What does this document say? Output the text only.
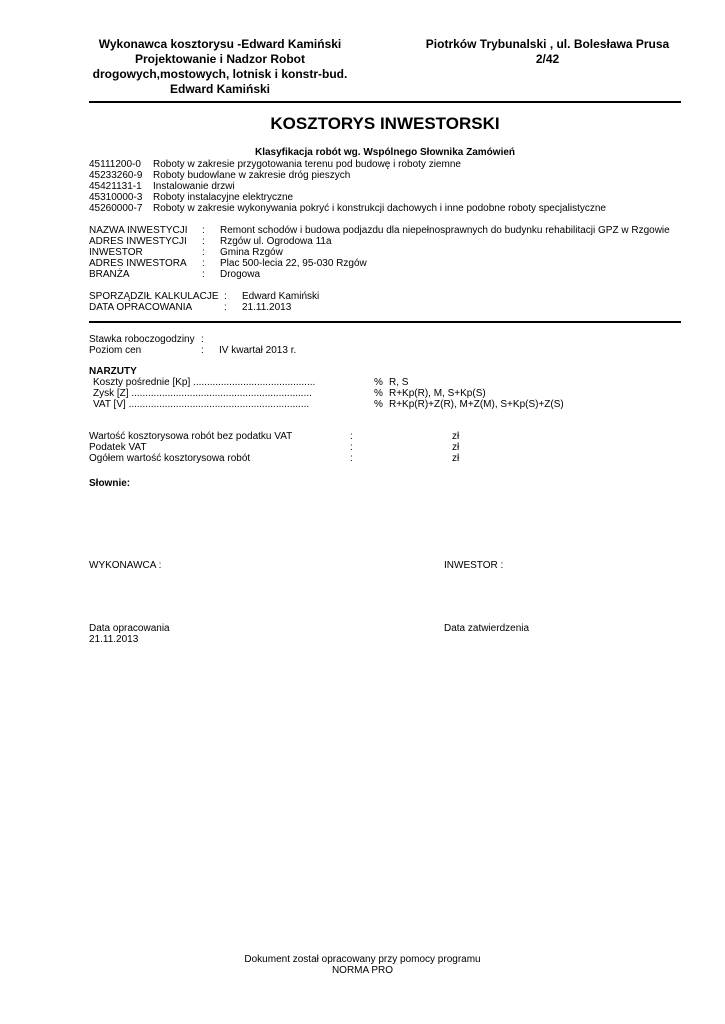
Wykonawca kosztorysu -Edward Kamiński
Projektowanie i Nadzor Robot
drogowych,mostowych, lotnisk i konstr-bud.
Edward Kamiński
Piotrków Trybunalski , ul. Bolesława Prusa
2/42
KOSZTORYS INWESTORSKI
Klasyfikacja robót wg. Wspólnego Słownika Zamówień
45111200-0 Roboty w zakresie przygotowania terenu pod budowę i roboty ziemne
45233260-9 Roboty budowlane w zakresie dróg pieszych
45421131-1 Instalowanie drzwi
45310000-3 Roboty instalacyjne elektryczne
45260000-7 Roboty w zakresie wykonywania pokryć i konstrukcji dachowych i inne podobne roboty specjalistyczne
NAZWA INWESTYCJI : Remont schodów i budowa podjazdu dla niepełnosprawnych do budynku rehabilitacji GPZ w Rzgowie
ADRES INWESTYCJI : Rzgów ul. Ogrodowa 11a
INWESTOR	: Gmina Rzgów
ADRES INWESTORA : Plac 500-lecia 22, 95-030 Rzgów
BRANŻA	: Drogowa
SPORZĄDZIŁ KALKULACJE : Edward Kamiński
DATA OPRACOWANIA	: 21.11.2013
Stawka roboczogodziny :
Poziom cen	: IV kwartał 2013 r.
NARZUTY
Koszty pośrednie [Kp] ............................................	% R, S
Zysk [Z] .................................................................	% R+Kp(R), M, S+Kp(S)
VAT [V] .................................................................	% R+Kp(R)+Z(R), M+Z(M), S+Kp(S)+Z(S)
Wartość kosztorysowa robót bez podatku VAT	:	zł
Podatek VAT	:	zł
Ogółem wartość kosztorysowa robót	:	zł
Słownie:
WYKONAWCA :	INWESTOR :
Data opracowania
21.11.2013
Data zatwierdzenia
Dokument został opracowany przy pomocy programu
NORMA PRO
